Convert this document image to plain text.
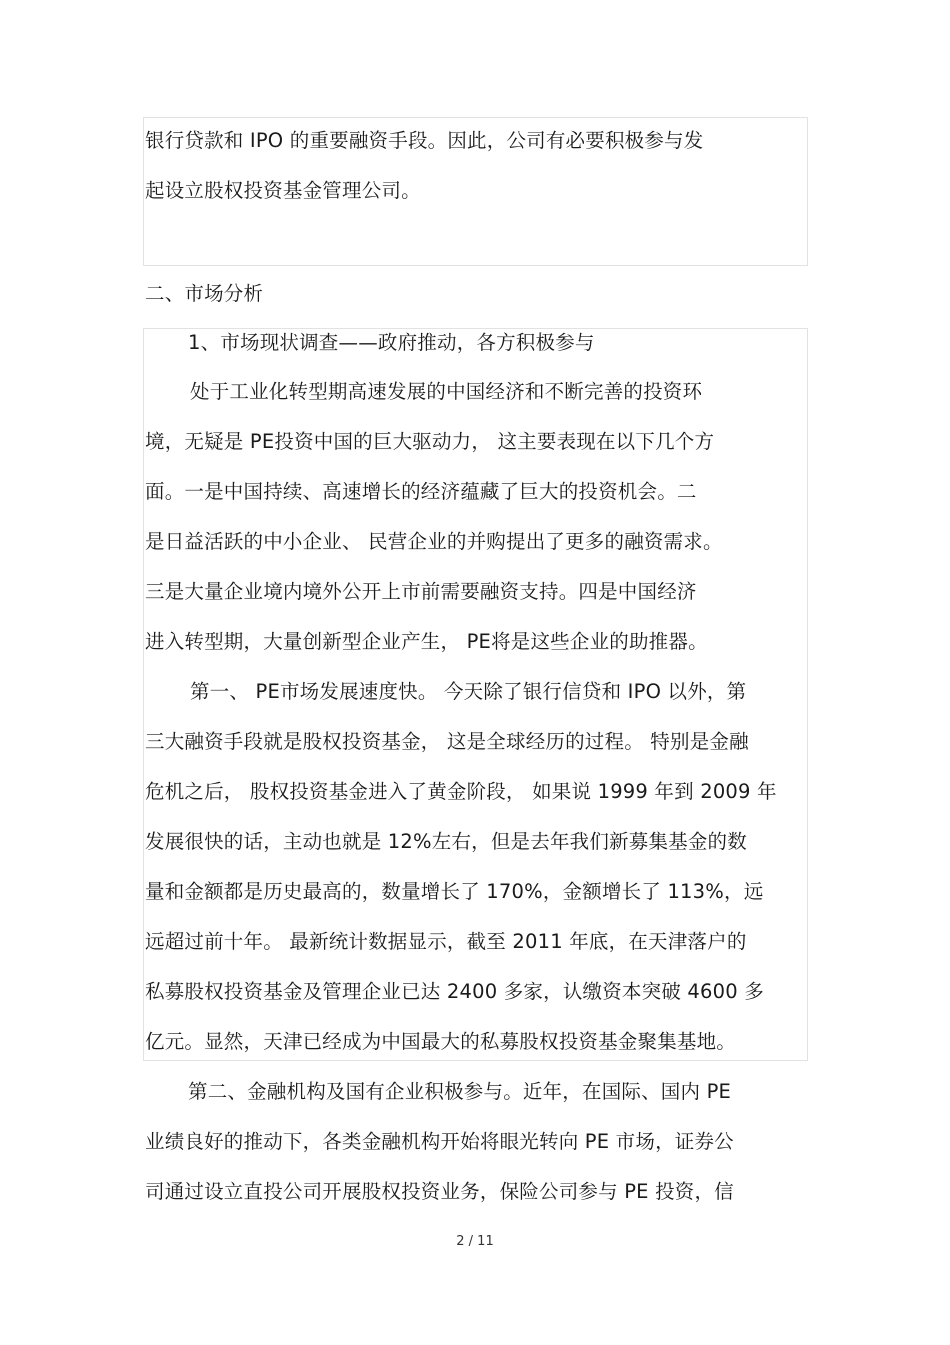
银行贷款和 IPO 的重要融资手段。因此，公司有必要积极参与发
起设立股权投资基金管理公司。
二、市场分析
1、市场现状调查——政府推动，各方积极参与
处于工业化转型期高速发展的中国经济和不断完善的投资环
境，无疑是 PE投资中国的巨大驱动力， 这主要表现在以下几个方
面。一是中国持续、高速增长的经济蕴藏了巨大的投资机会。二
是日益活跃的中小企业、 民营企业的并购提出了更多的融资需求。
三是大量企业境内境外公开上市前需要融资支持。四是中国经济
进入转型期，大量创新型企业产生， PE将是这些企业的助推器。
第一、 PE市场发展速度快。 今天除了银行信贷和 IPO 以外，第
三大融资手段就是股权投资基金， 这是全球经历的过程。 特别是金融
危机之后， 股权投资基金进入了黄金阶段， 如果说 1999 年到 2009 年
发展很快的话，主动也就是 12%左右，但是去年我们新募集基金的数
量和金额都是历史最高的，数量增长了 170%，金额增长了 113%，远
远超过前十年。 最新统计数据显示，截至 2011 年底，在天津落户的
私募股权投资基金及管理企业已达 2400 多家，认缴资本突破 4600 多
亿元。显然，天津已经成为中国最大的私募股权投资基金聚集基地。
第二、金融机构及国有企业积极参与。近年，在国际、国内 PE
业绩良好的推动下，各类金融机构开始将眼光转向 PE 市场，证券公
司通过设立直投公司开展股权投资业务，保险公司参与 PE 投资，信
2 / 11
